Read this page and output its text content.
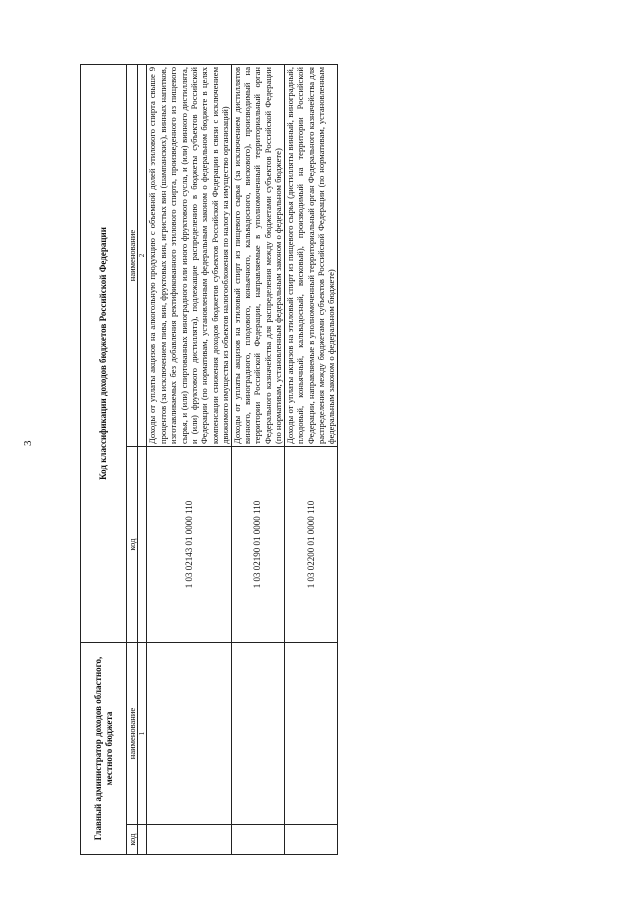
3
Главный администратор доходов областного, местного бюджета		Код классификации доходов бюджетов Российской Федерации	
код	наименование	код	наименование
	1		2
		1 03 02143 01 0000 110	Доходы от уплаты акцизов на алкогольную продукцию с объемной долей этилового спирта свыше 9 процентов (за исключением пива, вин, фруктовых вин, игристых вин (шампанских), винных напитков, изготавливаемых без добавления ректификованного этилового спирта, произведенного из пищевого сырья, и (или) спиртованных виноградного или иного фруктового сусла, и (или) винного дистиллята, и (или) фруктового дистиллята), подлежащие распределению в бюджеты субъектов Российской Федерации (по нормативам, установленным федеральным законом о федеральном бюджете в целях компенсации снижения доходов бюджетов субъектов Российской Федерации в связи с исключением движимого имущества из объектов налогообложения по налогу на имущество организаций)
		1 03 02190 01 0000 110	Доходы от уплаты акцизов на этиловый спирт из пищевого сырья (за исключением дистиллятов винного, виноградного, плодового, коньячного, кальвадосного, вискового), производимый на территории Российской Федерации, направляемые в уполномоченный территориальный орган Федерального казначейства для распределения между бюджетами субъектов Российской Федерации (по нормативам, установленным федеральным законом о федеральном бюджете)
		1 03 02200 01 0000 110	Доходы от уплаты акцизов на этиловый спирт из пищевого сырья (дистилляты винный, виноградный, плодовый, коньячный, кальвадосный, висковый), производимый на территории Российской Федерации, направляемые в уполномоченный территориальный орган Федерального казначейства для распределения между бюджетами субъектов Российской Федерации (по нормативам, установленным федеральным законом о федеральном бюджете)
